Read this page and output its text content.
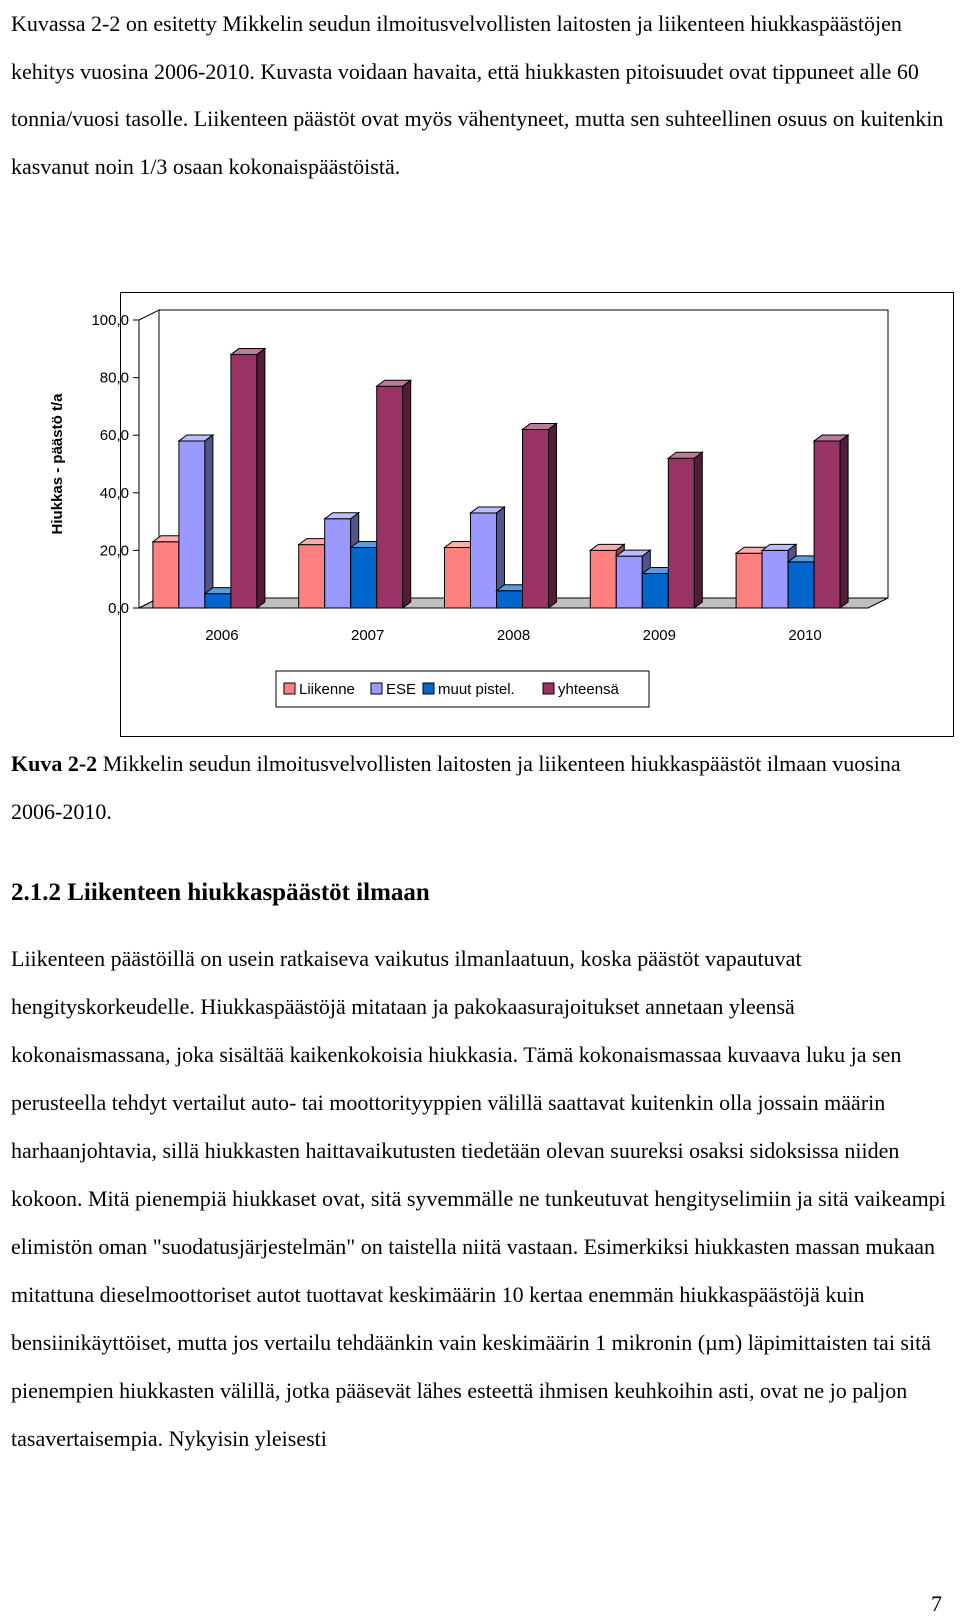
Kuvassa 2-2 on esitetty Mikkelin seudun ilmoitusvelvollisten laitosten ja liikenteen hiukkaspäästöjen kehitys vuosina 2006-2010. Kuvasta voidaan havaita, että hiukkasten pitoisuudet ovat tippuneet alle 60 tonnia/vuosi tasolle. Liikenteen päästöt ovat myös vähentyneet, mutta sen suhteellinen osuus on kuitenkin kasvanut noin 1/3 osaan kokonaispäästöistä.

0,0
20,0
40,0
60,0
80,0
100,0
Hiukkas - päästö t/a
2006	2007	2008	2009	2010
Liikenne ESE muut pistel.	yhteensä

Kuva 2-2 Mikkelin seudun ilmoitusvelvollisten laitosten ja liikenteen hiukkaspäästöt ilmaan vuosina 2006-2010.

2.1.2 Liikenteen hiukkaspäästöt ilmaan

Liikenteen päästöillä on usein ratkaiseva vaikutus ilmanlaatuun, koska päästöt vapautuvat hengityskorkeudelle. Hiukkaspäästöjä mitataan ja pakokaasurajoitukset annetaan yleensä kokonaismassana, joka sisältää kaikenkokoisia hiukkasia. Tämä kokonaismassaa kuvaava luku ja sen perusteella tehdyt vertailut auto- tai moottorityyppien välillä saattavat kuitenkin olla jossain määrin harhaanjohtavia, sillä hiukkasten haittavaikutusten tiedetään olevan suureksi osaksi sidoksissa niiden kokoon. Mitä pienempiä hiukkaset ovat, sitä syvemmälle ne tunkeutuvat hengityselimiin ja sitä vaikeampi elimistön oman "suodatusjärjestelmän" on taistella niitä vastaan. Esimerkiksi hiukkasten massan mukaan mitattuna dieselmoottoriset autot tuottavat keskimäärin 10 kertaa enemmän hiukkaspäästöjä kuin bensiinikäyttöiset, mutta jos vertailu tehdäänkin vain keskimäärin 1 mikronin (µm) läpimittaisten tai sitä pienempien hiukkasten välillä, jotka pääsevät lähes esteettä ihmisen keuhkoihin asti, ovat ne jo paljon tasavertaisempia. Nykyisin yleisesti

7
